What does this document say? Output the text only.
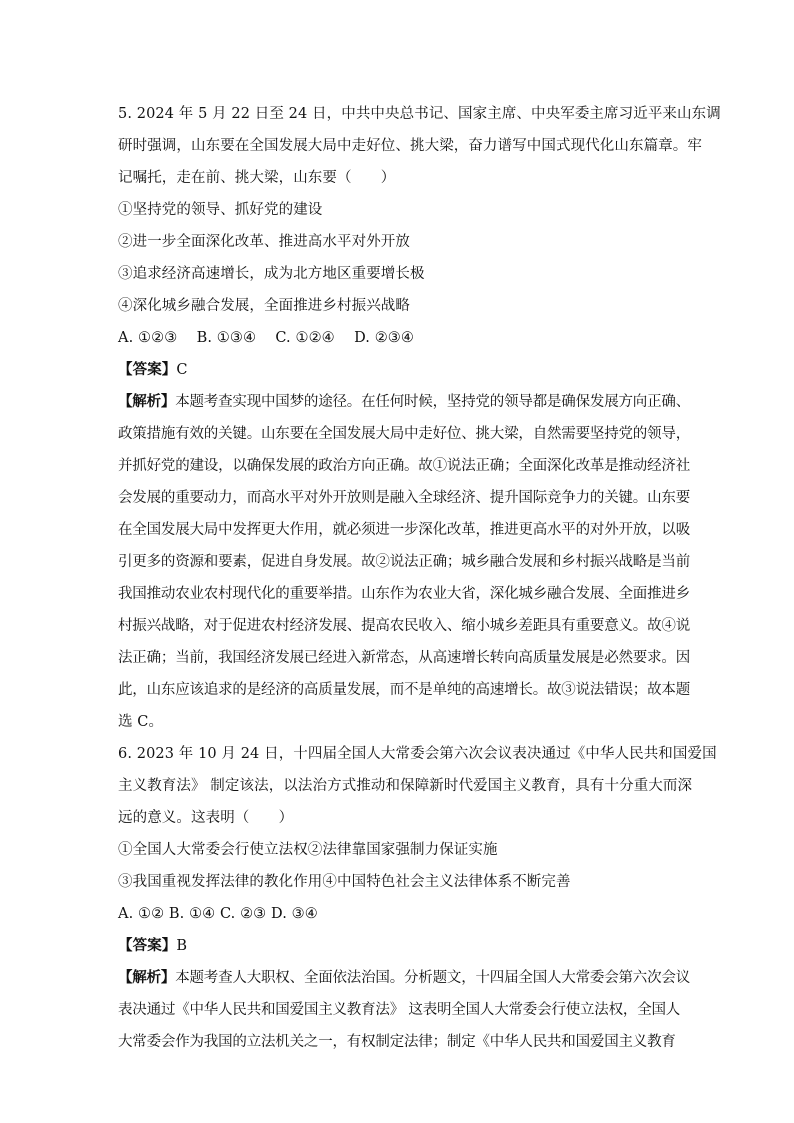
5. 2024 年 5 月 22 日至 24 日，中共中央总书记、国家主席、中央军委主席习近平来山东调
研时强调，山东要在全国发展大局中走好位、挑大梁，奋力谱写中国式现代化山东篇章。牢
记嘱托，走在前、挑大梁，山东要（　　）
①坚持党的领导、抓好党的建设
②进一步全面深化改革、推进高水平对外开放
③追求经济高速增长，成为北方地区重要增长极
④深化城乡融合发展，全面推进乡村振兴战略
A. ①②③　 B. ①③④　 C. ①②④　 D. ②③④
【答案】C
【解析】本题考查实现中国梦的途径。在任何时候，坚持党的领导都是确保发展方向正确、
政策措施有效的关键。山东要在全国发展大局中走好位、挑大梁，自然需要坚持党的领导，
并抓好党的建设，以确保发展的政治方向正确。故①说法正确；全面深化改革是推动经济社
会发展的重要动力，而高水平对外开放则是融入全球经济、提升国际竞争力的关键。山东要
在全国发展大局中发挥更大作用，就必须进一步深化改革，推进更高水平的对外开放，以吸
引更多的资源和要素，促进自身发展。故②说法正确；城乡融合发展和乡村振兴战略是当前
我国推动农业农村现代化的重要举措。山东作为农业大省，深化城乡融合发展、全面推进乡
村振兴战略，对于促进农村经济发展、提高农民收入、缩小城乡差距具有重要意义。故④说
法正确；当前，我国经济发展已经进入新常态，从高速增长转向高质量发展是必然要求。因
此，山东应该追求的是经济的高质量发展，而不是单纯的高速增长。故③说法错误；故本题
选 C。
6. 2023 年 10 月 24 日，十四届全国人大常委会第六次会议表决通过《中华人民共和国爱国
主义教育法》 制定该法，以法治方式推动和保障新时代爱国主义教育，具有十分重大而深
远的意义。这表明（　　）
①全国人大常委会行使立法权②法律靠国家强制力保证实施
③我国重视发挥法律的教化作用④中国特色社会主义法律体系不断完善
A. ①② B. ①④ C. ②③ D. ③④
【答案】B
【解析】本题考查人大职权、全面依法治国。分析题文，十四届全国人大常委会第六次会议
表决通过《中华人民共和国爱国主义教育法》 这表明全国人大常委会行使立法权，全国人
大常委会作为我国的立法机关之一，有权制定法律；制定《中华人民共和国爱国主义教育
